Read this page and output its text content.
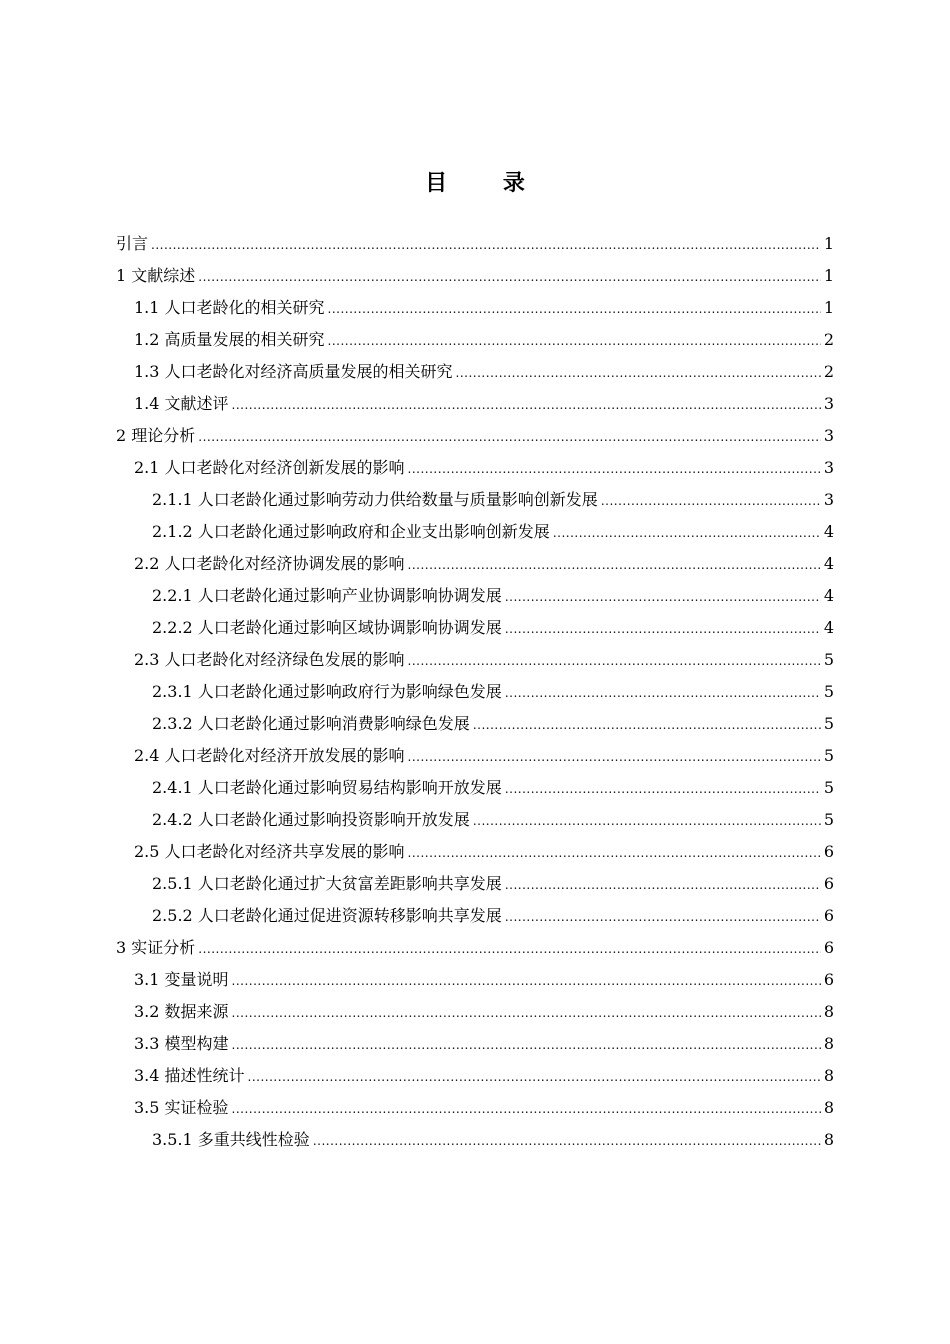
目 录
引言 .....	1
1 文献综述 .....	1
1.1 人口老龄化的相关研究 .....	1
1.2 高质量发展的相关研究 .....	2
1.3 人口老龄化对经济高质量发展的相关研究 .....	2
1.4 文献述评 .....	3
2 理论分析 .....	3
2.1 人口老龄化对经济创新发展的影响 .....	3
2.1.1 人口老龄化通过影响劳动力供给数量与质量影响创新发展 .....	3
2.1.2 人口老龄化通过影响政府和企业支出影响创新发展 .....	4
2.2 人口老龄化对经济协调发展的影响 .....	4
2.2.1 人口老龄化通过影响产业协调影响协调发展 .....	4
2.2.2 人口老龄化通过影响区域协调影响协调发展 .....	4
2.3 人口老龄化对经济绿色发展的影响 .....	5
2.3.1 人口老龄化通过影响政府行为影响绿色发展 .....	5
2.3.2 人口老龄化通过影响消费影响绿色发展 .....	5
2.4 人口老龄化对经济开放发展的影响 .....	5
2.4.1 人口老龄化通过影响贸易结构影响开放发展 .....	5
2.4.2 人口老龄化通过影响投资影响开放发展 .....	5
2.5 人口老龄化对经济共享发展的影响 .....	6
2.5.1 人口老龄化通过扩大贫富差距影响共享发展 .....	6
2.5.2 人口老龄化通过促进资源转移影响共享发展 .....	6
3 实证分析 .....	6
3.1 变量说明 .....	6
3.2 数据来源 .....	8
3.3 模型构建 .....	8
3.4 描述性统计 .....	8
3.5 实证检验 .....	8
3.5.1 多重共线性检验 .....	8
